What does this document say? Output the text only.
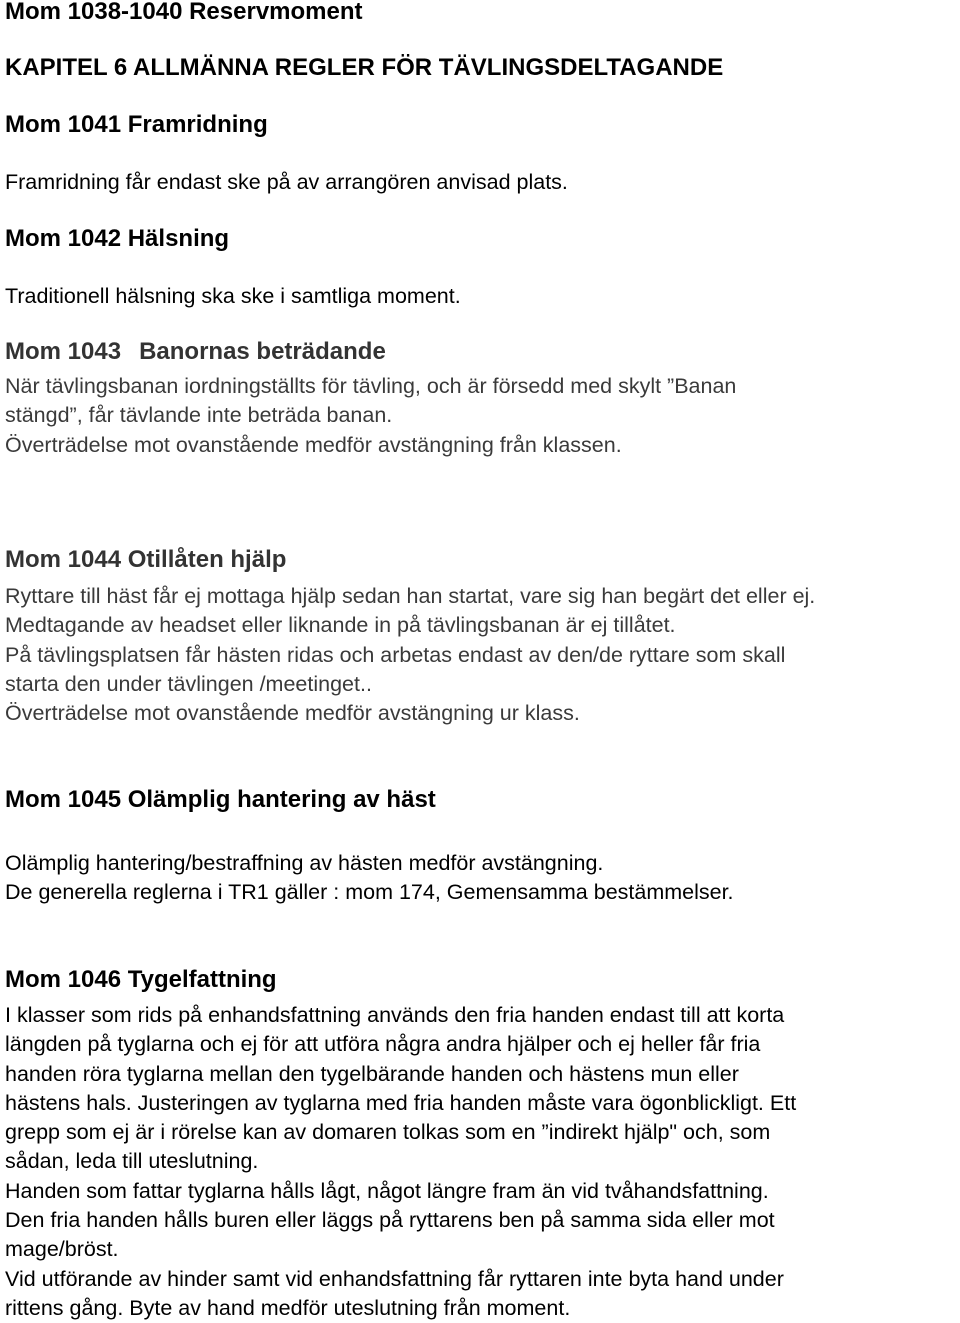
Mom 1038-1040 Reservmoment
KAPITEL 6 ALLMÄNNA REGLER FÖR TÄVLINGSDELTAGANDE
Mom 1041 Framridning
Framridning får endast ske på av arrangören anvisad plats.
Mom 1042 Hälsning
Traditionell hälsning ska ske i samtliga moment.
Mom 1043 Banornas beträdande
När tävlingsbanan iordningställts för tävling, och är försedd med skylt ”Banan
stängd”, får tävlande inte beträda banan.
Överträdelse mot ovanstående medför avstängning från klassen.
Mom 1044 Otillåten hjälp
Ryttare till häst får ej mottaga hjälp sedan han startat, vare sig han begärt det eller ej.
Medtagande av headset eller liknande in på tävlingsbanan är ej tillåtet.
På tävlingsplatsen får hästen ridas och arbetas endast av den/de ryttare som skall
starta den under tävlingen /meetinget..
Överträdelse mot ovanstående medför avstängning ur klass.
Mom 1045 Olämplig hantering av häst
Olämplig hantering/bestraffning av hästen medför avstängning.
De generella reglerna i TR1 gäller : mom 174, Gemensamma bestämmelser.
Mom 1046 Tygelfattning
I klasser som rids på enhandsfattning används den fria handen endast till att korta
längden på tyglarna och ej för att utföra några andra hjälper och ej heller får fria
handen röra tyglarna mellan den tygelbärande handen och hästens mun eller
hästens hals. Justeringen av tyglarna med fria handen måste vara ögonblickligt. Ett
grepp som ej är i rörelse kan av domaren tolkas som en ”indirekt hjälp" och, som
sådan, leda till uteslutning.
Handen som fattar tyglarna hålls lågt, något längre fram än vid tvåhandsfattning.
Den fria handen hålls buren eller läggs på ryttarens ben på samma sida eller mot
mage/bröst.
Vid utförande av hinder samt vid enhandsfattning får ryttaren inte byta hand under
rittens gång. Byte av hand medför uteslutning från moment.
